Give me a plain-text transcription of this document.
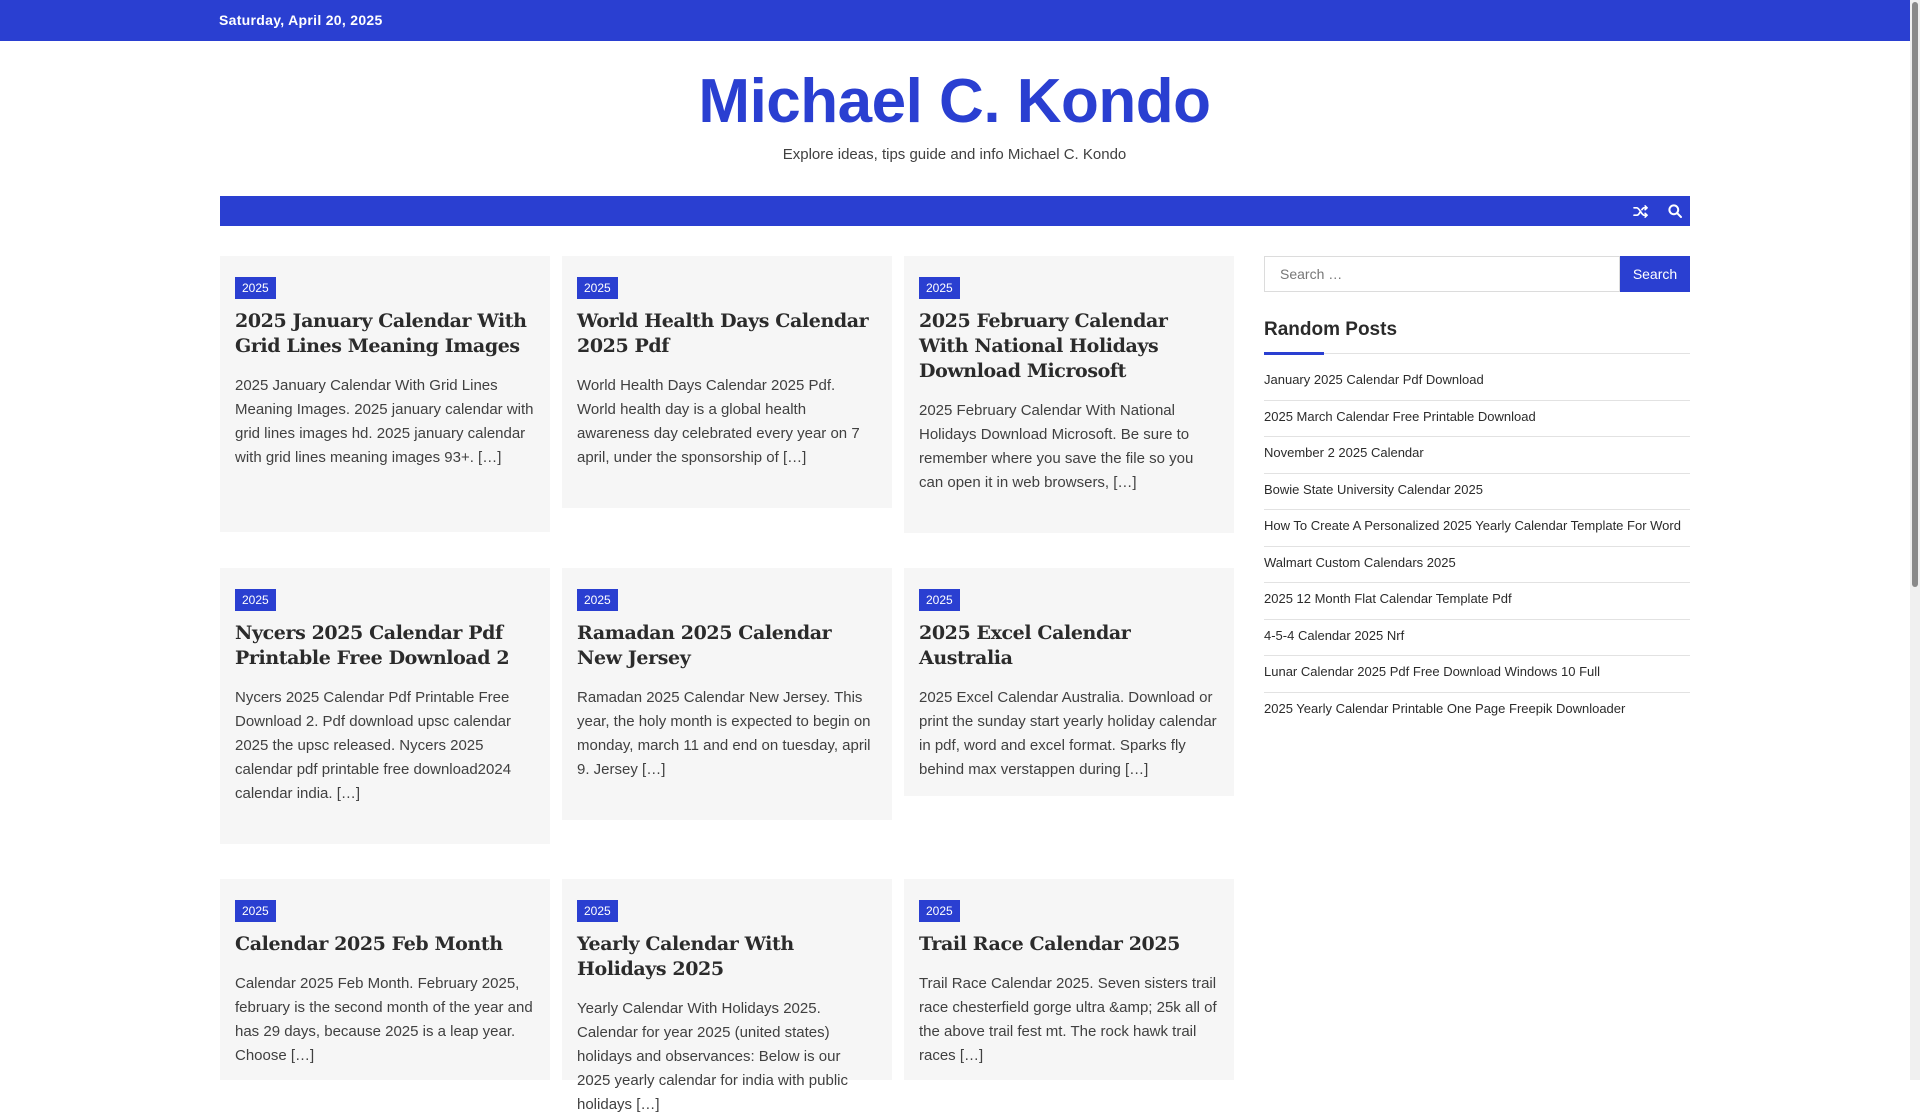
Saturday, April 20, 2025
Michael C. Kondo
Explore ideas, tips guide and info Michael C. Kondo
2025
2025 January Calendar With Grid Lines Meaning Images

2025 January Calendar With Grid Lines Meaning Images. 2025 january calendar with grid lines images hd. 2025 january calendar with grid lines meaning images 93+. […]

2025
World Health Days Calendar 2025 Pdf

World Health Days Calendar 2025 Pdf. World health day is a global health awareness day celebrated every year on 7 april, under the sponsorship of […]

2025
2025 February Calendar With National Holidays Download Microsoft

2025 February Calendar With National Holidays Download Microsoft. Be sure to remember where you save the file so you can open it in web browsers, […]

2025
Nycers 2025 Calendar Pdf Printable Free Download 2

Nycers 2025 Calendar Pdf Printable Free Download 2. Pdf download upsc calendar 2025 the upsc released. Nycers 2025 calendar pdf printable free download2024 calendar india. […]

2025
Ramadan 2025 Calendar New Jersey

Ramadan 2025 Calendar New Jersey. This year, the holy month is expected to begin on monday, march 11 and end on tuesday, april 9. Jersey […]

2025
2025 Excel Calendar Australia

2025 Excel Calendar Australia. Download or print the sunday start yearly holiday calendar in pdf, word and excel format. Sparks fly behind max verstappen during […]

2025
Calendar 2025 Feb Month

Calendar 2025 Feb Month. February 2025, february is the second month of the year and has 29 days, because 2025 is a leap year. Choose […]

2025
Yearly Calendar With Holidays 2025

Yearly Calendar With Holidays 2025. Calendar for year 2025 (united states) holidays and observances: Below is our 2025 yearly calendar for india with public holidays […]

2025
Trail Race Calendar 2025

Trail Race Calendar 2025. Seven sisters trail race chesterfield gorge ultra &amp; 25k all of the above trail fest mt. The rock hawk trail races […]

Search …
Search
Random Posts
January 2025 Calendar Pdf Download
2025 March Calendar Free Printable Download
November 2 2025 Calendar
Bowie State University Calendar 2025
How To Create A Personalized 2025 Yearly Calendar Template For Word
Walmart Custom Calendars 2025
2025 12 Month Flat Calendar Template Pdf
4-5-4 Calendar 2025 Nrf
Lunar Calendar 2025 Pdf Free Download Windows 10 Full
2025 Yearly Calendar Printable One Page Freepik Downloader
